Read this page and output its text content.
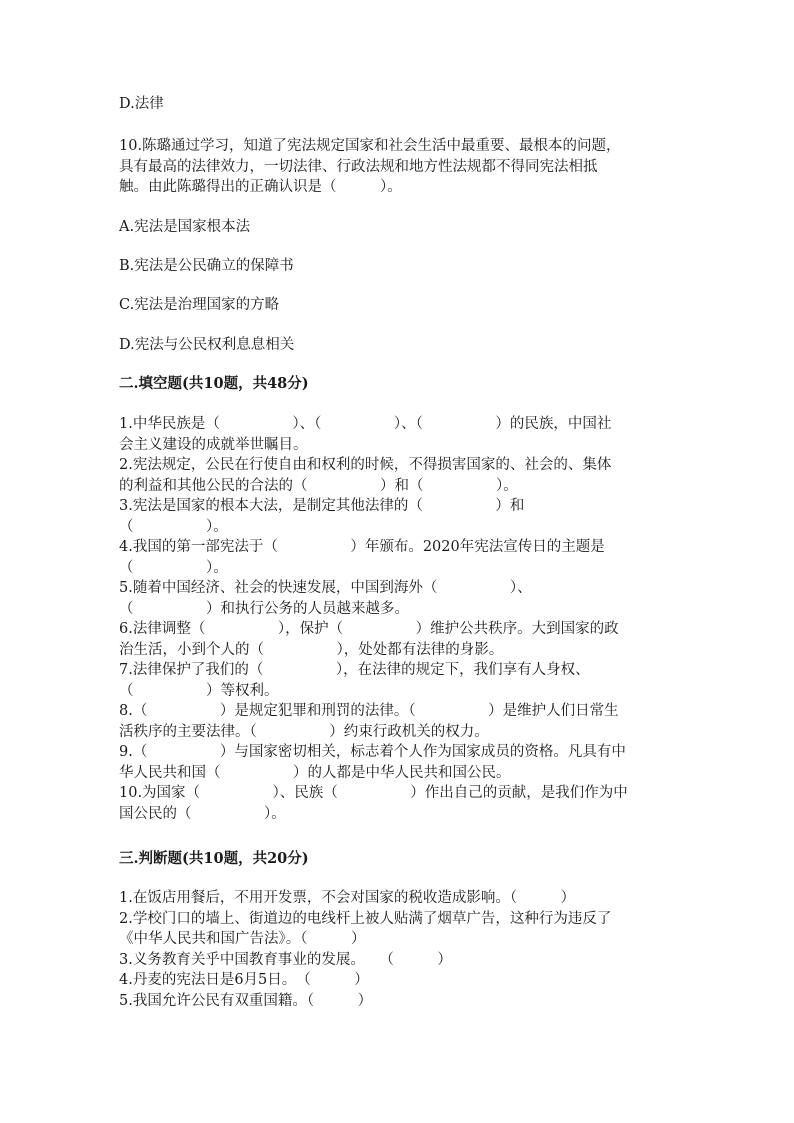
D.法律
10.陈璐通过学习，知道了宪法规定国家和社会生活中最重要、最根本的问题，
具有最高的法律效力，一切法律、行政法规和地方性法规都不得同宪法相抵
触。由此陈璐得出的正确认识是（　　　）。
A.宪法是国家根本法
B.宪法是公民确立的保障书
C.宪法是治理国家的方略
D.宪法与公民权利息息相关
二.填空题(共10题，共48分)
1.中华民族是（　　　　　）、（　　　　　）、（　　　　　）的民族，中国社
会主义建设的成就举世瞩目。
2.宪法规定，公民在行使自由和权利的时候，不得损害国家的、社会的、集体
的利益和其他公民的合法的（　　　　　）和（　　　　　）。
3.宪法是国家的根本大法，是制定其他法律的（　　　　　）和
（　　　　　）。
4.我国的第一部宪法于（　　　　　）年颁布。2020年宪法宣传日的主题是
（　　　　　）。
5.随着中国经济、社会的快速发展，中国到海外（　　　　　）、
（　　　　　）和执行公务的人员越来越多。
6.法律调整（　　　　　），保护（　　　　　）维护公共秩序。大到国家的政
治生活，小到个人的（　　　　　），处处都有法律的身影。
7.法律保护了我们的（　　　　　），在法律的规定下，我们享有人身权、
（　　　　　）等权利。
8.（　　　　　）是规定犯罪和刑罚的法律。（　　　　　）是维护人们日常生
活秩序的主要法律。（　　　　　）约束行政机关的权力。
9.（　　　　　）与国家密切相关，标志着个人作为国家成员的资格。凡具有中
华人民共和国（　　　　　）的人都是中华人民共和国公民。
10.为国家（　　　　　）、民族（　　　　　）作出自己的贡献，是我们作为中
国公民的（　　　　　）。
三.判断题(共10题，共20分)
1.在饭店用餐后，不用开发票，不会对国家的税收造成影响。（　　　）
2.学校门口的墙上、街道边的电线杆上被人贴满了烟草广告，这种行为违反了
《中华人民共和国广告法》。（　　　）
3.义务教育关乎中国教育事业的发展。　　（　　　）
4.丹麦的宪法日是6月5日。　（　　　）
5.我国允许公民有双重国籍。（　　　）
